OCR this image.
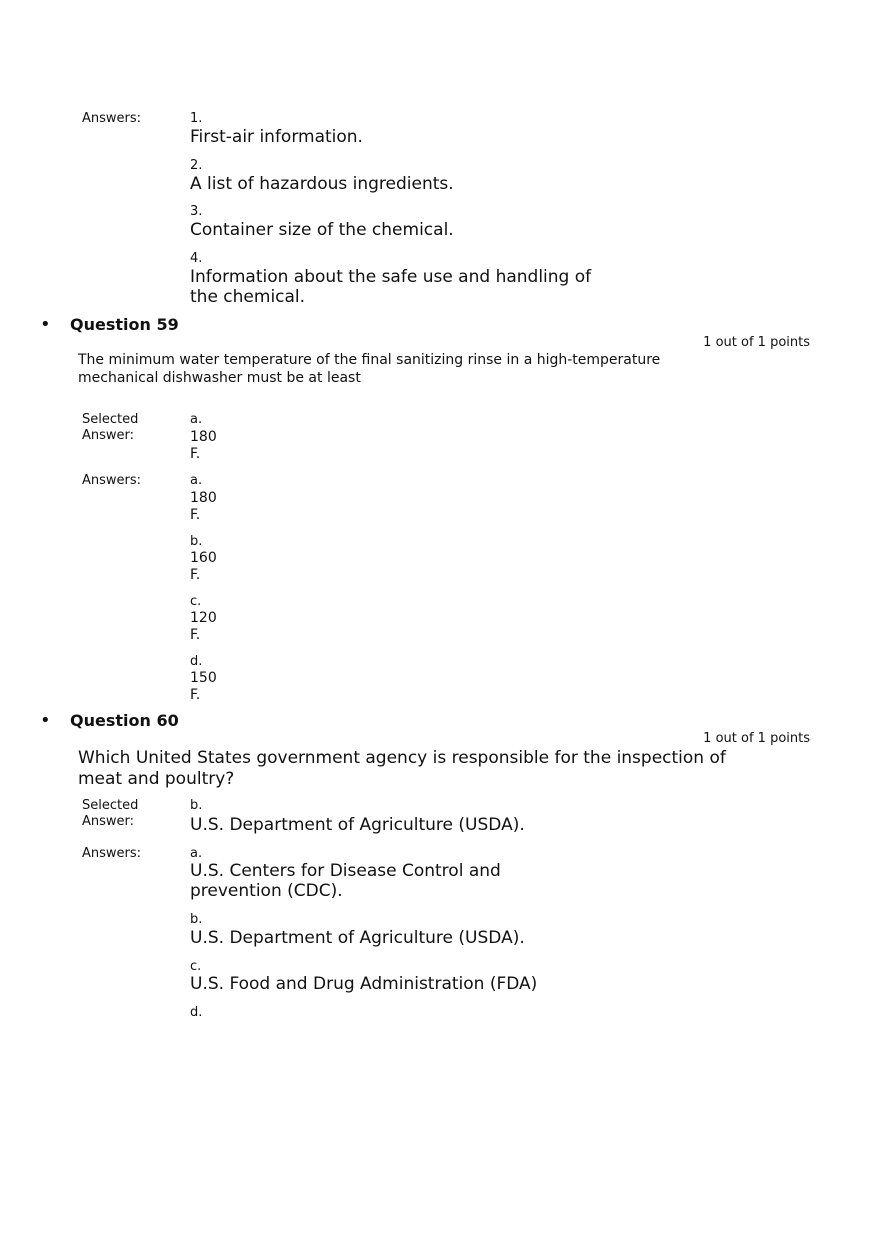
Answers:	1.
First-air information.
2.
A list of hazardous ingredients.
3.
Container size of the chemical.
4.
Information about the safe use and handling of the chemical.
• Question 59
1 out of 1 points
The minimum water temperature of the final sanitizing rinse in a high-temperature mechanical dishwasher must be at least
Selected Answer:
a.
180
F.
Answers:	a.
180
F.
b.
160
F.
c.
120
F.
d.
150
F.
• Question 60
1 out of 1 points
Which United States government agency is responsible for the inspection of meat and poultry?
Selected Answer:
b.
U.S. Department of Agriculture (USDA).
Answers:	a.
U.S. Centers for Disease Control and prevention (CDC).
b.
U.S. Department of Agriculture (USDA).
c.
U.S. Food and Drug Administration (FDA)
d.
